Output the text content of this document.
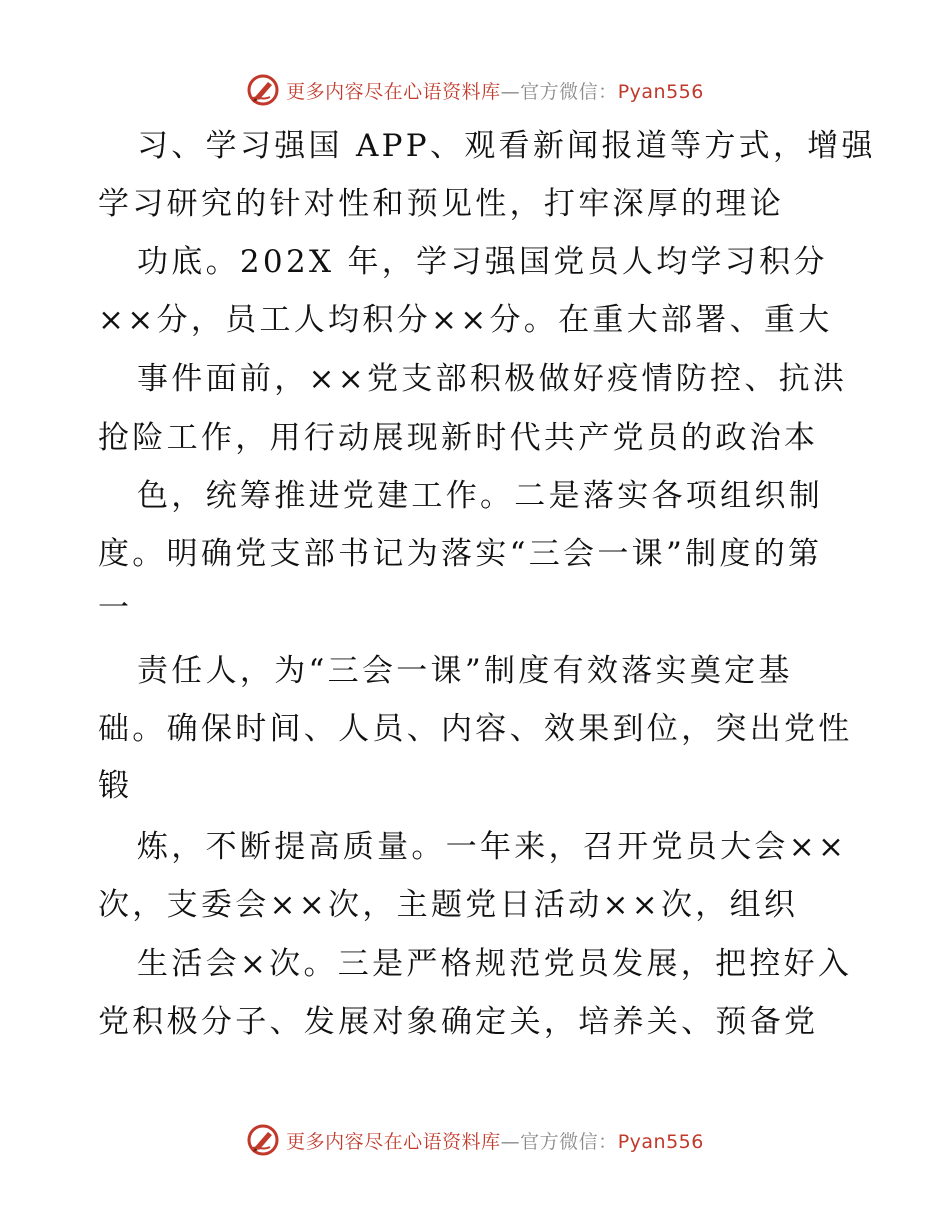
更多内容尽在心语资料库—官方微信：Pyan556
习、学习强国 APP、观看新闻报道等方式，增强
学习研究的针对性和预见性，打牢深厚的理论
功底。202X 年，学习强国党员人均学习积分
××分，员工人均积分××分。在重大部署、重大
事件面前，××党支部积极做好疫情防控、抗洪
抢险工作，用行动展现新时代共产党员的政治本
色，统筹推进党建工作。二是落实各项组织制
度。明确党支部书记为落实“三会一课”制度的第
一
责任人，为“三会一课”制度有效落实奠定基
础。确保时间、人员、内容、效果到位，突出党性
锻
炼，不断提高质量。一年来，召开党员大会××
次，支委会××次，主题党日活动××次，组织
生活会×次。三是严格规范党员发展，把控好入
党积极分子、发展对象确定关，培养关、预备党
更多内容尽在心语资料库—官方微信：Pyan556
